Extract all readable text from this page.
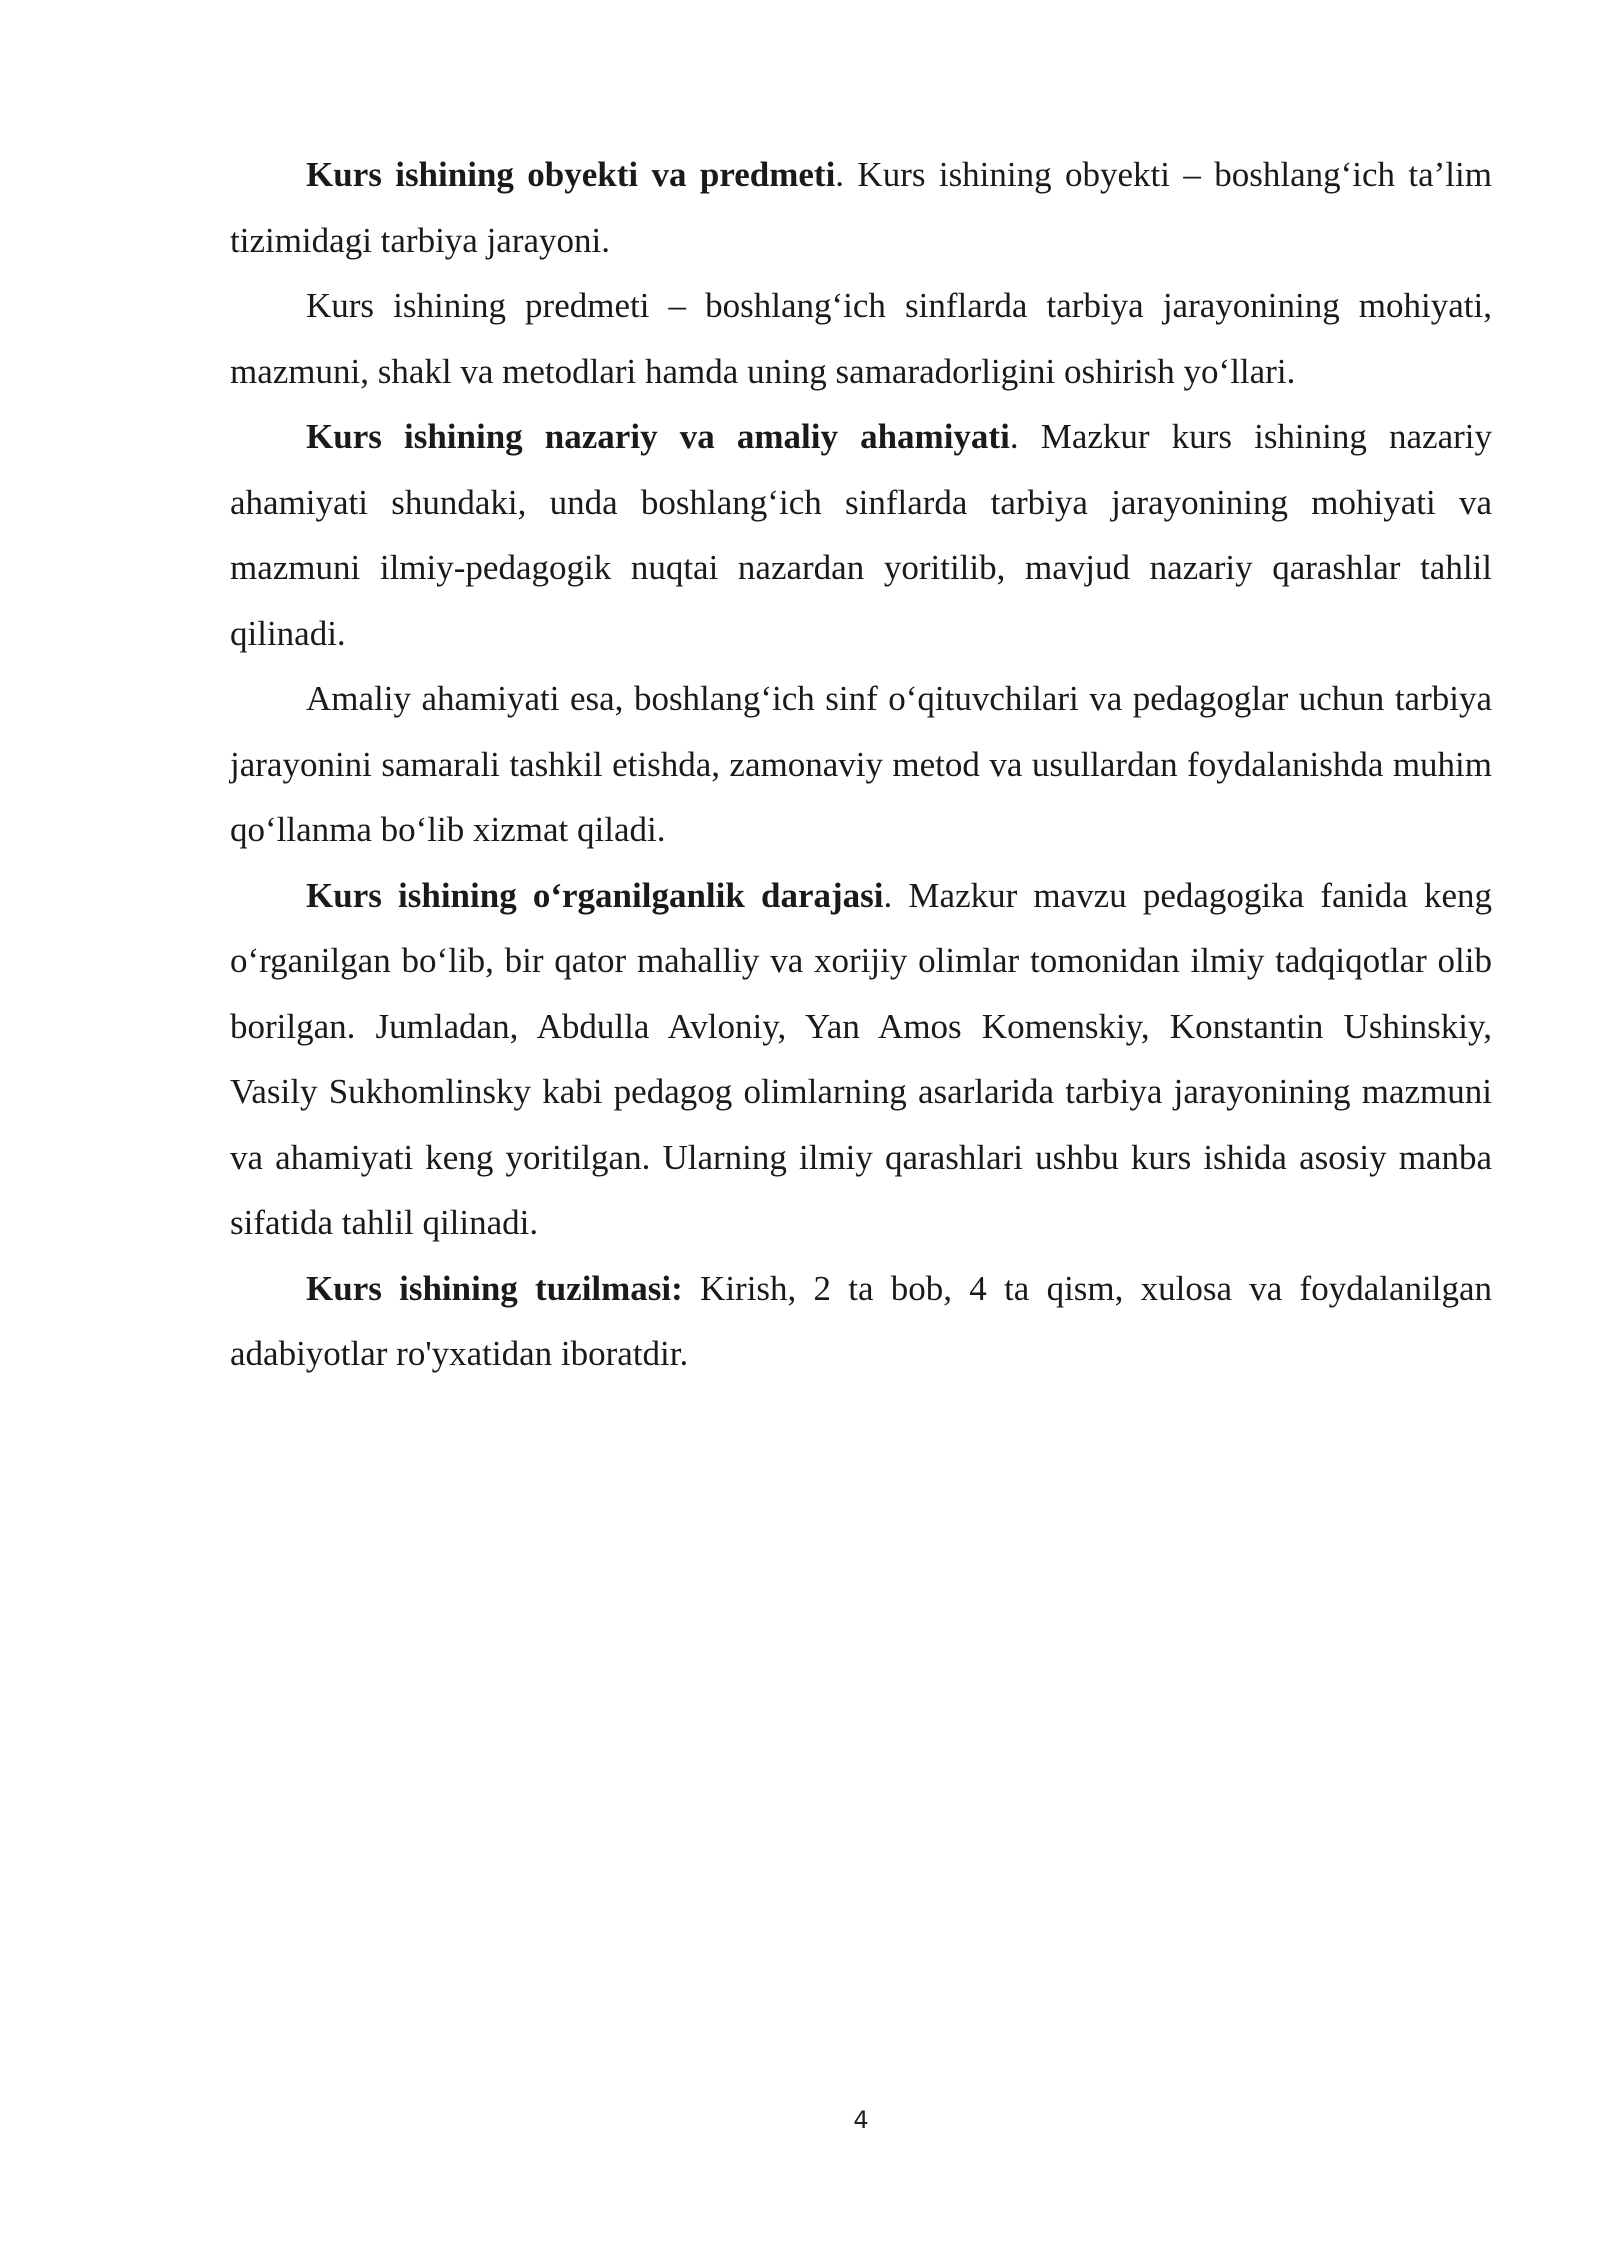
Kurs ishining obyekti va predmeti. Kurs ishining obyekti – boshlang‘ich ta’lim tizimidagi tarbiya jarayoni.

Kurs ishining predmeti – boshlang‘ich sinflarda tarbiya jarayonining mohiyati, mazmuni, shakl va metodlari hamda uning samaradorligini oshirish yo‘llari.

Kurs ishining nazariy va amaliy ahamiyati. Mazkur kurs ishining nazariy ahamiyati shundaki, unda boshlang‘ich sinflarda tarbiya jarayonining mohiyati va mazmuni ilmiy-pedagogik nuqtai nazardan yoritilib, mavjud nazariy qarashlar tahlil qilinadi.

Amaliy ahamiyati esa, boshlang‘ich sinf o‘qituvchilari va pedagoglar uchun tarbiya jarayonini samarali tashkil etishda, zamonaviy metod va usullardan foydalanishda muhim qo‘llanma bo‘lib xizmat qiladi.

Kurs ishining o‘rganilganlik darajasi. Mazkur mavzu pedagogika fanida keng o‘rganilgan bo‘lib, bir qator mahalliy va xorijiy olimlar tomonidan ilmiy tadqiqotlar olib borilgan. Jumladan, Abdulla Avloniy, Yan Amos Komenskiy, Konstantin Ushinskiy, Vasily Sukhomlinsky kabi pedagog olimlarning asarlarida tarbiya jarayonining mazmuni va ahamiyati keng yoritilgan. Ularning ilmiy qarashlari ushbu kurs ishida asosiy manba sifatida tahlil qilinadi.

Kurs ishining tuzilmasi: Kirish, 2 ta bob, 4 ta qism, xulosa va foydalanilgan adabiyotlar ro'yxatidan iboratdir.

4
